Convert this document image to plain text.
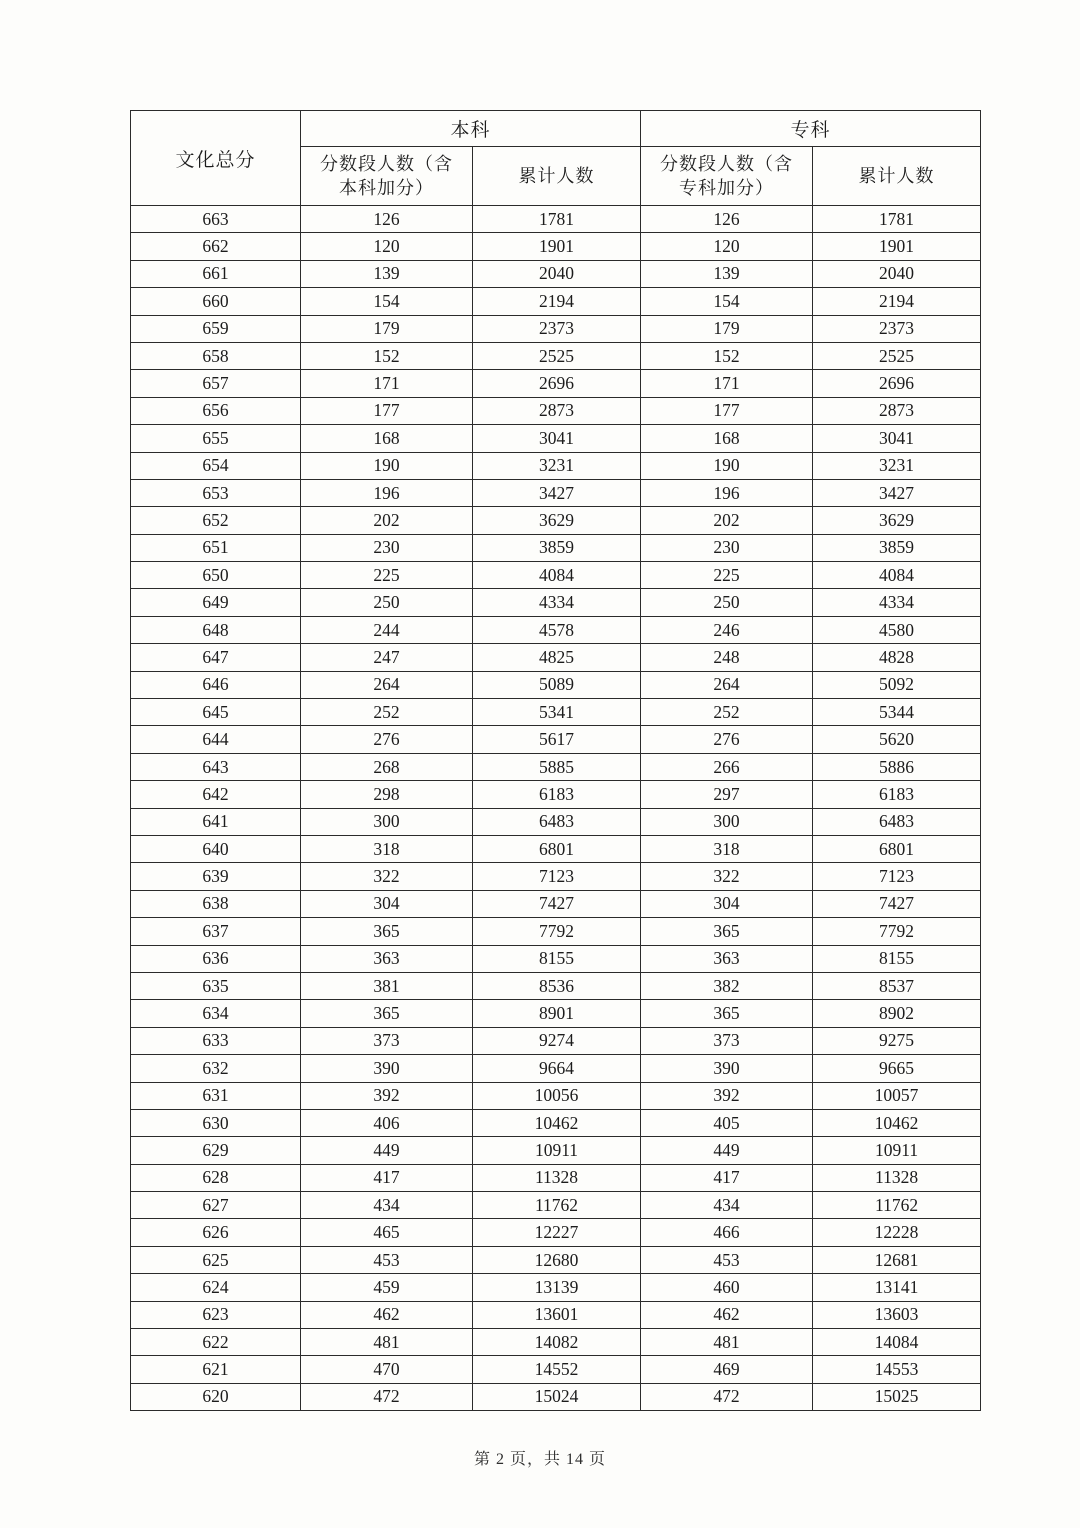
文化总分	本科		专科	
	分数段人数（含本科加分）	累计人数	分数段人数（含专科加分）	累计人数
663	126	1781	126	1781
662	120	1901	120	1901
661	139	2040	139	2040
660	154	2194	154	2194
659	179	2373	179	2373
658	152	2525	152	2525
657	171	2696	171	2696
656	177	2873	177	2873
655	168	3041	168	3041
654	190	3231	190	3231
653	196	3427	196	3427
652	202	3629	202	3629
651	230	3859	230	3859
650	225	4084	225	4084
649	250	4334	250	4334
648	244	4578	246	4580
647	247	4825	248	4828
646	264	5089	264	5092
645	252	5341	252	5344
644	276	5617	276	5620
643	268	5885	266	5886
642	298	6183	297	6183
641	300	6483	300	6483
640	318	6801	318	6801
639	322	7123	322	7123
638	304	7427	304	7427
637	365	7792	365	7792
636	363	8155	363	8155
635	381	8536	382	8537
634	365	8901	365	8902
633	373	9274	373	9275
632	390	9664	390	9665
631	392	10056	392	10057
630	406	10462	405	10462
629	449	10911	449	10911
628	417	11328	417	11328
627	434	11762	434	11762
626	465	12227	466	12228
625	453	12680	453	12681
624	459	13139	460	13141
623	462	13601	462	13603
622	481	14082	481	14084
621	470	14552	469	14553
620	472	15024	472	15025
第 2 页，共 14 页
